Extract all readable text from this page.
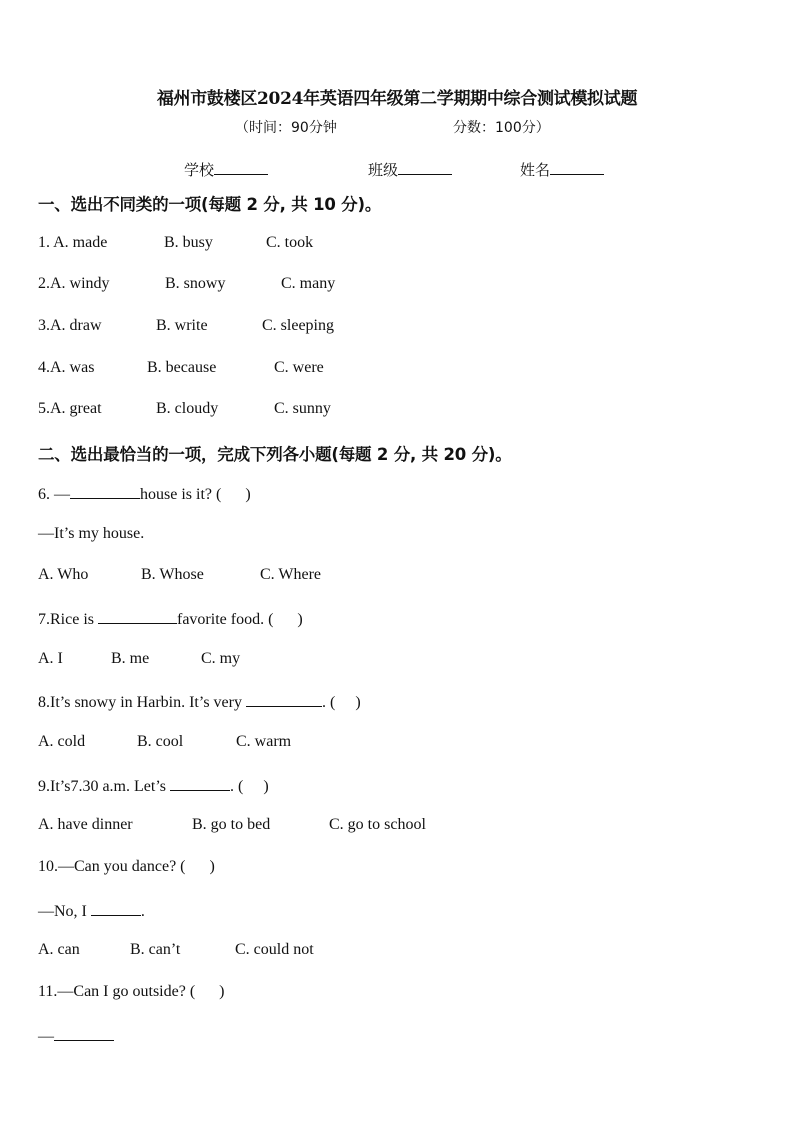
福州市鼓楼区2024年英语四年级第二学期期中综合测试模拟试题
（时间：90分钟	分数：100分）
学校	班级	姓名
一、选出不同类的一项(每题 2 分, 共 10 分)。

1. A. made

	B. busy

	C. took

2.A. windy

	B. snowy

	C. many

3.A. draw

	B. write

	C. sleeping

4.A. was

	B. because

	C. were

5.A. great

	B. cloudy

	C. sunny

二、选出最恰当的一项，完成下列各小题(每题 2 分, 共 20 分)。
6. —	house is it? (      )
—It’s my house.

A. Who

	B. Whose

	C. Where

7.Rice is	favorite food. (      )

A. I

	B. me

	C. my

8.It’s snowy in Harbin. It’s very	. (     )

A. cold

	B. cool

	C. warm

9.It’s7.30 a.m. Let’s	. (     )

A. have dinner

	B. go to bed

	C. go to school

10.—Can you dance? (      )
—No, I	.

A. can

	B. can’t

	C. could not

11.—Can I go outside? (      )
—
